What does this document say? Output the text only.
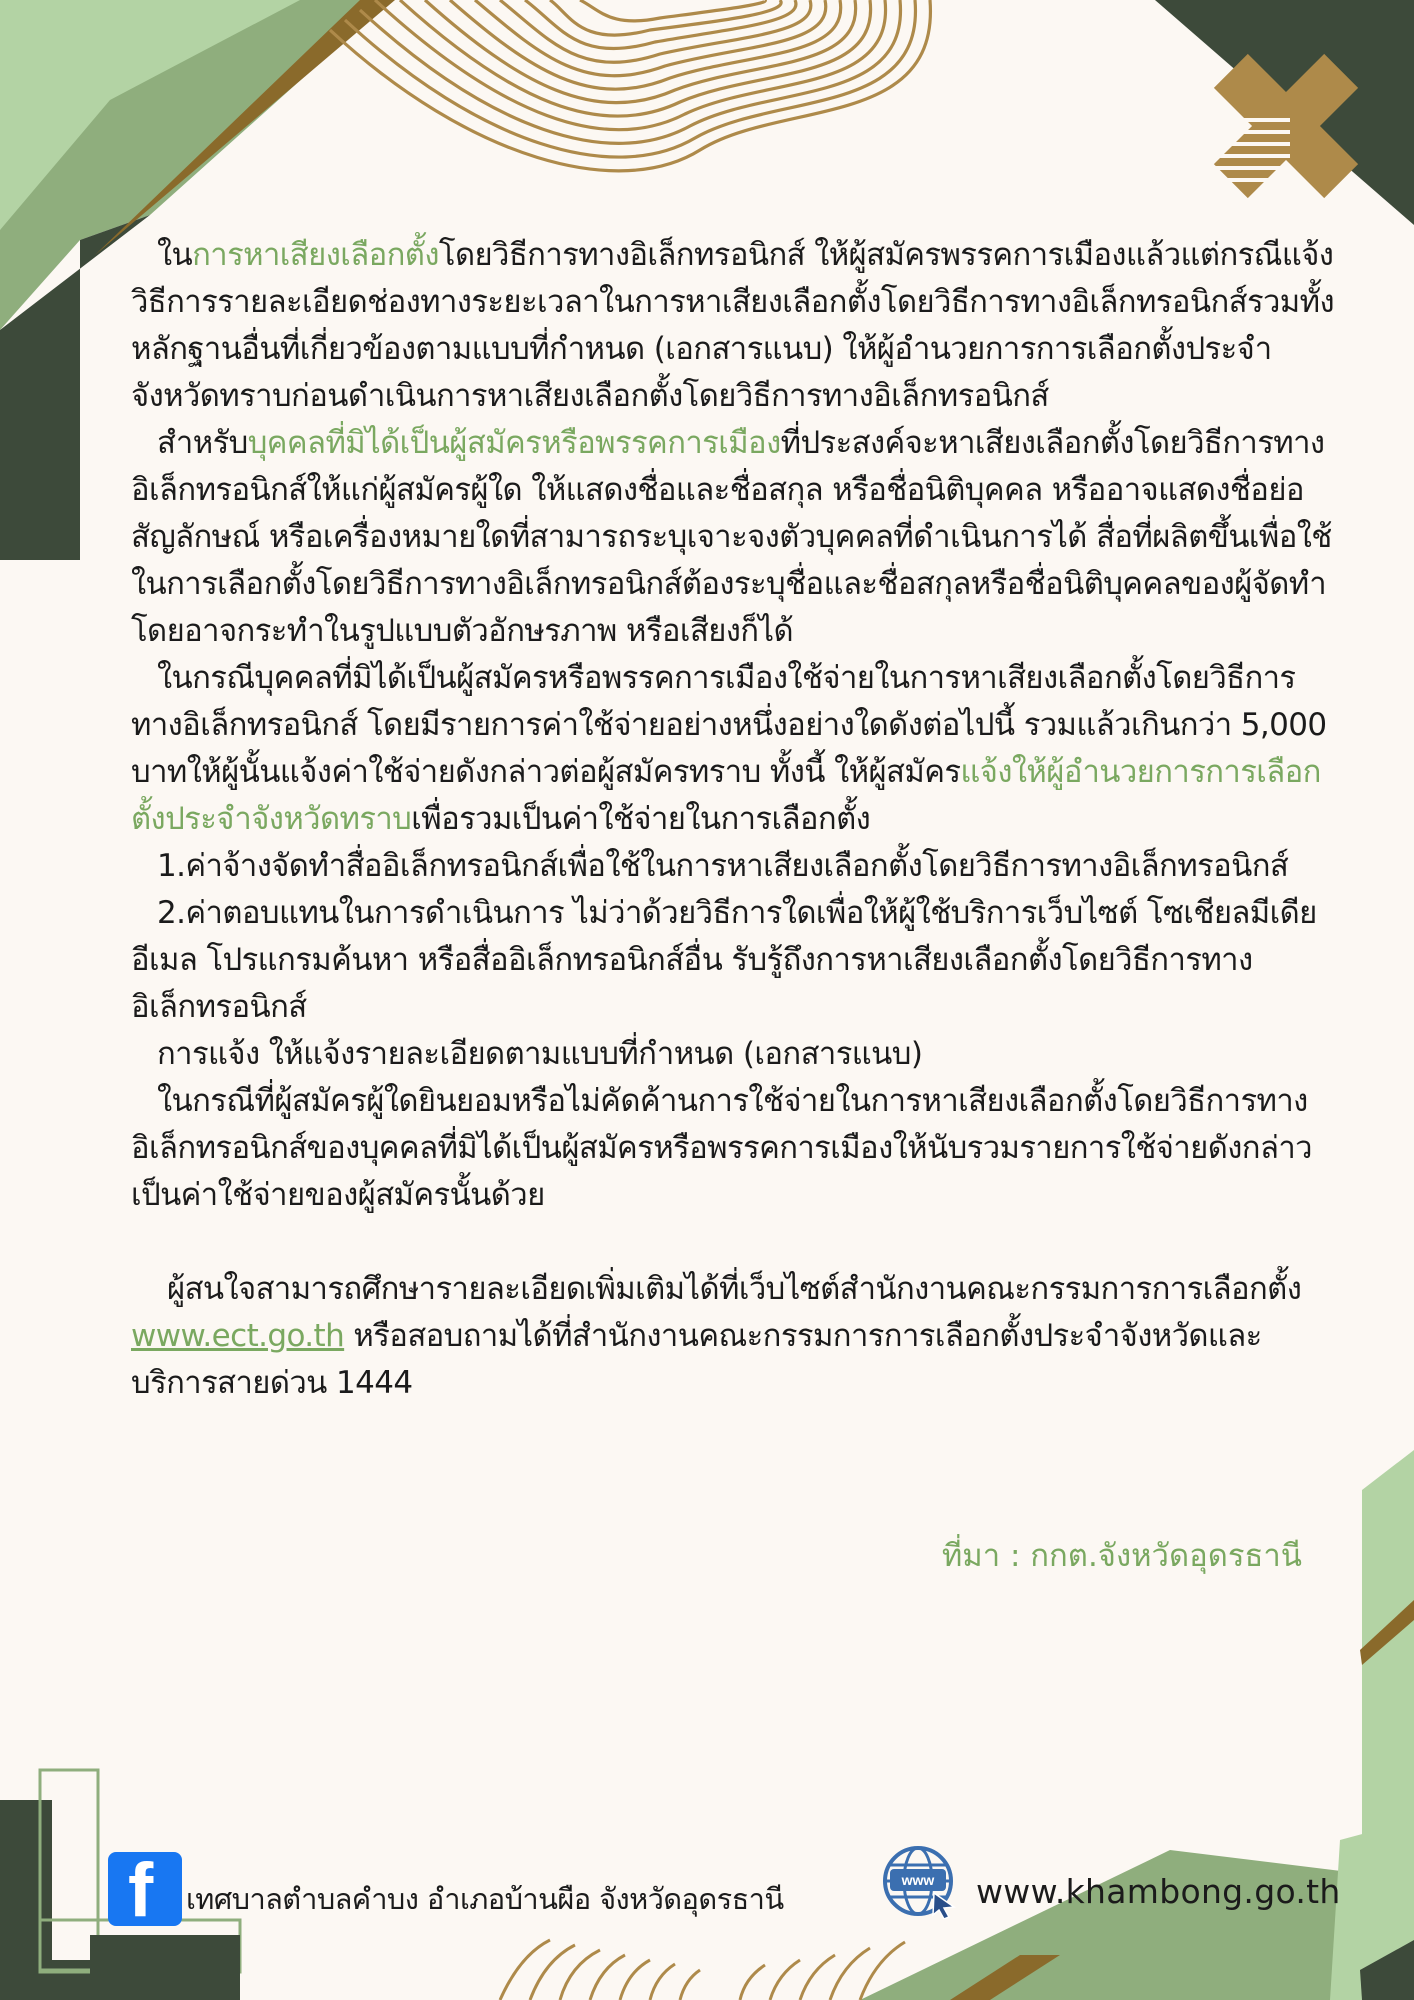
ในการหาเสียงเลือกตั้งโดยวิธีการทางอิเล็กทรอนิกส์ ให้ผู้สมัครพรรคการเมืองแล้วแต่กรณีแจ้งวิธีการรายละเอียดช่องทางระยะเวลาในการหาเสียงเลือกตั้งโดยวิธีการทางอิเล็กทรอนิกส์รวมทั้งหลักฐานอื่นที่เกี่ยวข้องตามแบบที่กำหนด (เอกสารแนบ) ให้ผู้อำนวยการการเลือกตั้งประจำจังหวัดทราบก่อนดำเนินการหาเสียงเลือกตั้งโดยวิธีการทางอิเล็กทรอนิกส์

สำหรับบุคคลที่มิได้เป็นผู้สมัครหรือพรรคการเมืองที่ประสงค์จะหาเสียงเลือกตั้งโดยวิธีการทางอิเล็กทรอนิกส์ให้แก่ผู้สมัครผู้ใด ให้แสดงชื่อและชื่อสกุล หรือชื่อนิติบุคคล หรืออาจแสดงชื่อย่อ สัญลักษณ์ หรือเครื่องหมายใดที่สามารถระบุเจาะจงตัวบุคคลที่ดำเนินการได้ สื่อที่ผลิตขึ้นเพื่อใช้ในการเลือกตั้งโดยวิธีการทางอิเล็กทรอนิกส์ต้องระบุชื่อและชื่อสกุลหรือชื่อนิติบุคคลของผู้จัดทำ โดยอาจกระทำในรูปแบบตัวอักษรภาพ หรือเสียงก็ได้

ในกรณีบุคคลที่มิได้เป็นผู้สมัครหรือพรรคการเมืองใช้จ่ายในการหาเสียงเลือกตั้งโดยวิธีการทางอิเล็กทรอนิกส์ โดยมีรายการค่าใช้จ่ายอย่างหนึ่งอย่างใดดังต่อไปนี้ รวมแล้วเกินกว่า 5,000 บาทให้ผู้นั้นแจ้งค่าใช้จ่ายดังกล่าวต่อผู้สมัครทราบ ทั้งนี้ ให้ผู้สมัครแจ้งให้ผู้อำนวยการการเลือกตั้งประจำจังหวัดทราบเพื่อรวมเป็นค่าใช้จ่ายในการเลือกตั้ง

1.ค่าจ้างจัดทำสื่ออิเล็กทรอนิกส์เพื่อใช้ในการหาเสียงเลือกตั้งโดยวิธีการทางอิเล็กทรอนิกส์

2.ค่าตอบแทนในการดำเนินการ ไม่ว่าด้วยวิธีการใดเพื่อให้ผู้ใช้บริการเว็บไซต์ โซเชียลมีเดีย อีเมล โปรแกรมค้นหา หรือสื่ออิเล็กทรอนิกส์อื่น รับรู้ถึงการหาเสียงเลือกตั้งโดยวิธีการทางอิเล็กทรอนิกส์

การแจ้ง ให้แจ้งรายละเอียดตามแบบที่กำหนด (เอกสารแนบ)

ในกรณีที่ผู้สมัครผู้ใดยินยอมหรือไม่คัดค้านการใช้จ่ายในการหาเสียงเลือกตั้งโดยวิธีการทางอิเล็กทรอนิกส์ของบุคคลที่มิได้เป็นผู้สมัครหรือพรรคการเมืองให้นับรวมรายการใช้จ่ายดังกล่าวเป็นค่าใช้จ่ายของผู้สมัครนั้นด้วย

ผู้สนใจสามารถศึกษารายละเอียดเพิ่มเติมได้ที่เว็บไซต์สำนักงานคณะกรรมการการเลือกตั้ง www.ect.go.th หรือสอบถามได้ที่สำนักงานคณะกรรมการการเลือกตั้งประจำจังหวัดและบริการสายด่วน 1444

ที่มา : กกต.จังหวัดอุดรธานี
f เทศบาลตำบลคำบง อำเภอบ้านผือ จังหวัดอุดรธานี
www www.khambong.go.th
